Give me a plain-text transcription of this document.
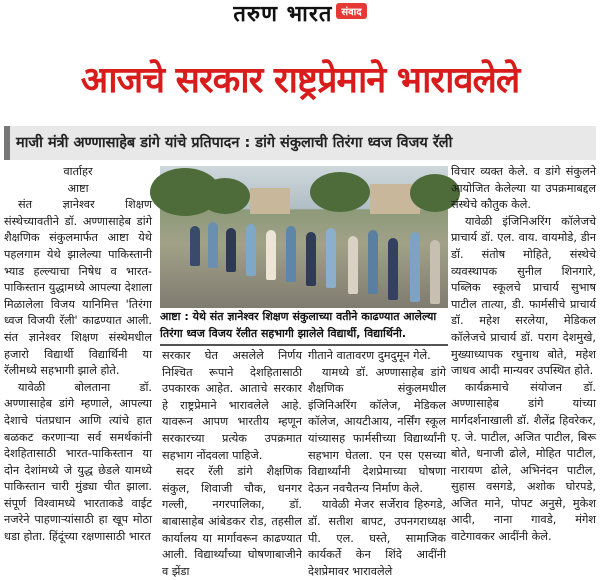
तरुण भारत संवाद
आजचे सरकार राष्ट्रप्रेमाने भारावलेले
माजी मंत्री अण्णासाहेब डांगे यांचे प्रतिपादन : डांगे संकुलाची तिरंगा ध्वज विजय रॅली

वार्ताहर

आष्टा

संत ज्ञानेश्वर शिक्षण संस्थेच्यावतीने डॉ. अण्णासाहेब डांगे शैक्षणिक संकुलमार्फत आष्टा येथे पहलगाम येथे झालेल्या पाकिस्तानी भ्याड हल्ल्याचा निषेध व भारत-पाकिस्तान युद्धामध्ये आपल्या देशाला मिळालेला विजय यानिमित्त 'तिरंगा ध्वज विजयी रॅली' काढण्यात आली. संत ज्ञानेश्वर शिक्षण संस्थेमधील हजारो विद्यार्थी विद्यार्थिनी या रॅलीमध्ये सहभागी झाले होते.

यावेळी बोलताना डॉ. अण्णासाहेब डांगे म्हणाले, आपल्या देशाचे पंतप्रधान आणि त्यांचे हात बळकट करणाऱ्या सर्व समर्थकांनी देशहितासाठी भारत-पाकिस्तान या दोन देशांमध्ये जे युद्ध छेडले यामध्ये पाकिस्तान चारी मुंड्या चीत झाला. संपूर्ण विश्वामध्ये भारताकडे वाईट नजरेने पाहणाऱ्यांसाठी हा खूप मोठा धडा होता. हिंदूंच्या रक्षणासाठी भारत

आष्टा : येथे संत ज्ञानेश्वर शिक्षण संकुलाच्या वतीने काढण्यात आलेल्या तिरंगा ध्वज विजय रॅलीत सहभागी झालेले विद्यार्थी, विद्यार्थिनी.

सरकार घेत असलेले निर्णय निश्चित रूपाने देशहितासाठी उपकारक आहेत. आताचे सरकार हे राष्ट्रप्रेमाने भारावलेले आहे. यावरून आपण भारतीय म्हणून सरकारच्या प्रत्येक उपक्रमात सहभाग नोंदवला पाहिजे.

सदर रॅली डांगे शैक्षणिक संकुल, शिवाजी चौक, धनगर गल्ली, नगरपालिका, डॉ. बाबासाहेब आंबेडकर रोड, तहसील कार्यालय या मार्गावरून काढण्यात आली. विद्यार्थ्यांच्या घोषणाबाजीने व झेंडा

गीताने वातावरण दुमदुमून गेले.

यामध्ये डॉ. अण्णासाहेब डांगे शैक्षणिक संकुलमधील इंजिनिअरिंग कॉलेज, मेडिकल कॉलेज, आयटीआय, नर्सिंग स्कूल यांच्यासह फार्मसीच्या विद्यार्थ्यांनी सहभाग घेतला. एन एस एसच्या विद्यार्थ्यांनी देशप्रेमाच्या घोषणा देऊन नवचैतन्य निर्माण केले.

यावेळी मेजर सर्जेराव हिरुगडे, डॉ. सतीश बापट, उपनगराध्यक्ष पी. एल. घस्ते, सामाजिक कार्यकर्ते केन शिंदे आदींनी देशप्रेमावर भारावलेले

विचार व्यक्त केले. व डांगे संकुलने आयोजित केलेल्या या उपक्रमाबद्दल संस्थेचे कौतुक केले.

यावेळी इंजिनिअरिंग कॉलेजचे प्राचार्य डॉ. एल. वाय. वायमोडे, डीन डॉ. संतोष मोहिते, संस्थेचे व्यवस्थापक सुनील शिनगारे, पब्लिक स्कूलचे प्राचार्य सुभाष पाटील तात्या, डी. फार्मसीचे प्राचार्य डॉ. महेश सरलेया, मेडिकल कॉलेजचे प्राचार्य डॉ. पराग देशमुखे, मुख्याध्यापक रघुनाथ बोते, महेश जाधव आदी मान्यवर उपस्थित होते.

कार्यक्रमाचे संयोजन डॉ. अण्णासाहेब डांगे यांच्या मार्गदर्शनाखाली डॉ. शैलेंद्र हिवरेकर, ए. जे. पाटील, अजित पाटील, बिरू बोते, धनाजी ढोले, मोहित पाटील, नारायण ढोले, अभिनंदन पाटील, सुहास वसगडे, अशोक घोरपडे, अजित माने, पोपट अनुसे, मुकेश आदी, नाना गावडे, मंगेश वाटेगावकर आदींनी केले.
